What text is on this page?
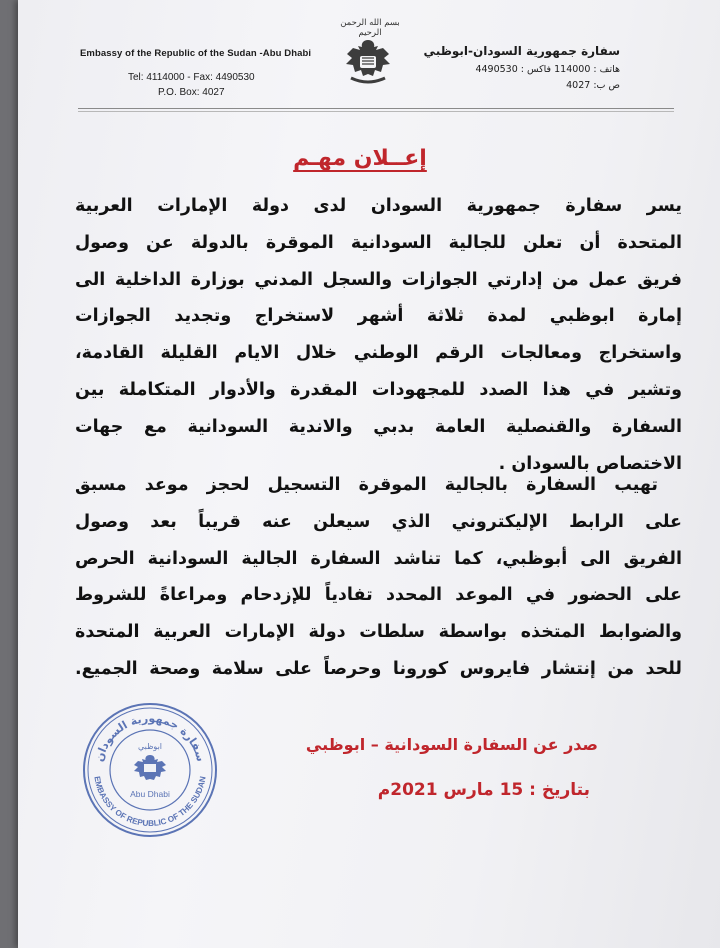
Embassy of the Republic of the Sudan -Abu Dhabi
Tel: 4114000 - Fax: 4490530
P.O. Box: 4027
بسم الله الرحمن الرحيم
سفارة جمهورية السودان-ابوظبي
هاتف : 114000 فاكس : 4490530
ص ب: 4027
إعــلان مهـم

يسر سفارة جمهورية السودان لدى دولة الإمارات العربية
المتحدة أن تعلن للجالية السودانية الموقرة بالدولة عن وصول
فريق عمل من إدارتي الجوازات والسجل المدني بوزارة الداخلية الى
إمارة ابوظبي لمدة ثلاثة أشهر لاستخراج وتجديد الجوازات
واستخراج ومعالجات الرقم الوطني خلال الايام القليلة القادمة،
وتشير في هذا الصدد للمجهودات المقدرة والأدوار المتكاملة بين
السفارة والقنصلية العامة بدبي والاندية السودانية مع جهات
الاختصاص بالسودان .

تهيب السفارة بالجالية الموقرة التسجيل لحجز موعد مسبق
على الرابط الإليكتروني الذي سيعلن عنه قريباً بعد وصول
الفريق الى أبوظبي، كما تناشد السفارة الجالية السودانية الحرص
على الحضور في الموعد المحدد تفادياً للإزدحام ومراعاةً للشروط
والضوابط المتخذه بواسطة سلطات دولة الإمارات العربية المتحدة
للحد من إنتشار فايروس كورونا وحرصاً على سلامة وصحة الجميع.

صدر عن السفارة السودانية – ابوظبي
بتاريخ : 15 مارس 2021م
سفارة جمهورية السودان
EMBASSY OF REPUBLIC OF THE SUDAN
ابوظبي
Abu Dhabi
